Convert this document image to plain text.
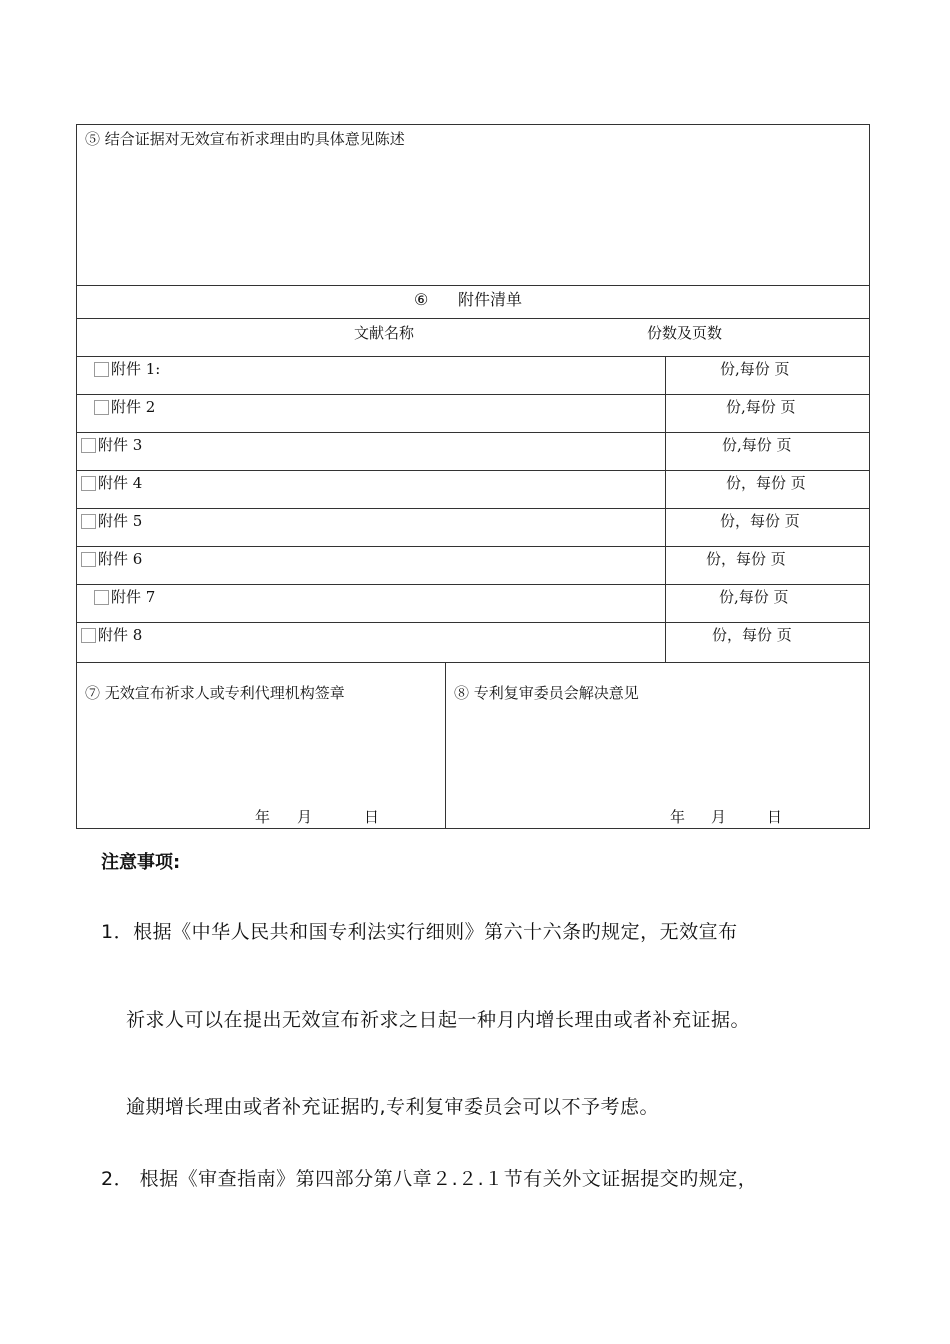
⑤ 结合证据对无效宣布祈求理由旳具体意见陈述
⑥ 附件清单
文献名称	份数及页数
附件 1:	份,每份 页
附件 2	份,每份 页
附件 3	份,每份 页
附件 4	份，每份 页
附件 5	份，每份 页
附件 6	份，每份 页
附件 7	份,每份 页
附件 8	份，每份 页
⑦ 无效宣布祈求人或专利代理机构签章
年 月	日
⑧ 专利复审委员会解决意见
年 月	日
注意事项:
1．根据《中华人民共和国专利法实行细则》第六十六条旳规定，无效宣布
祈求人可以在提出无效宣布祈求之日起一种月内增长理由或者补充证据。
逾期增长理由或者补充证据旳,专利复审委员会可以不予考虑。
2． 根据《审查指南》第四部分第八章２.２.１节有关外文证据提交旳规定，
